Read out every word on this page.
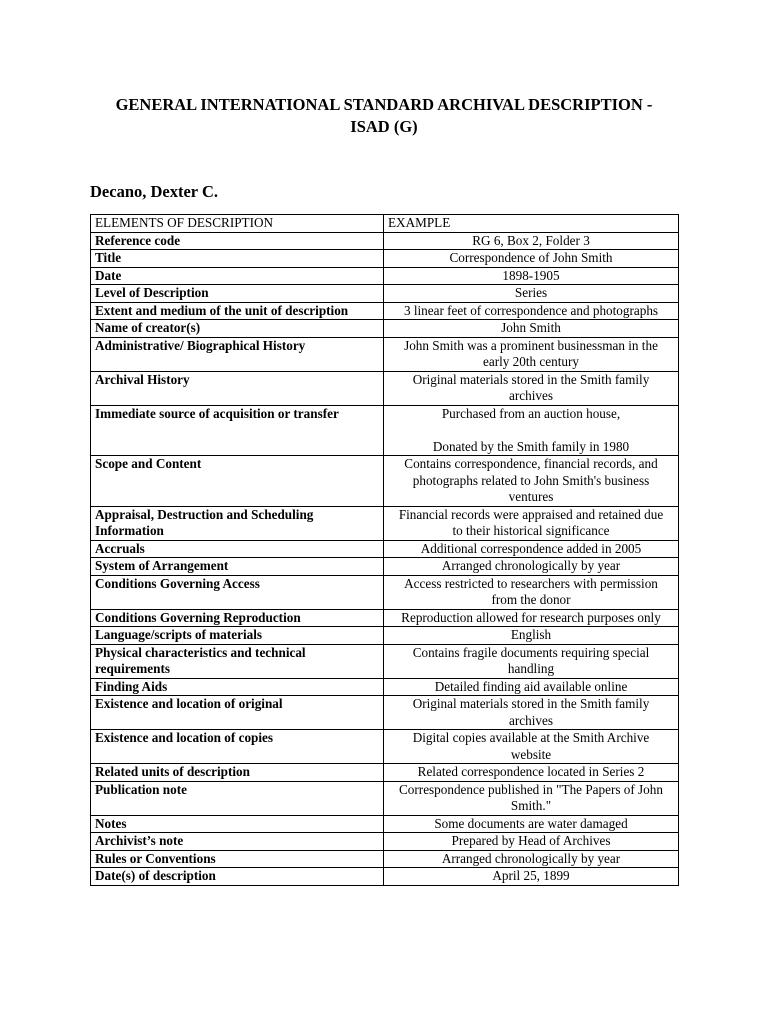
GENERAL INTERNATIONAL STANDARD ARCHIVAL DESCRIPTION -
ISAD (G)

Decano, Dexter C.

ELEMENTS OF DESCRIPTION	EXAMPLE
Reference code	RG 6, Box 2, Folder 3
Title	Correspondence of John Smith
Date	1898-1905
Level of Description	Series
Extent and medium of the unit of description	3 linear feet of correspondence and photographs
Name of creator(s)	John Smith
Administrative/ Biographical History	John Smith was a prominent businessman in the
early 20th century
Archival History	Original materials stored in the Smith family
archives
Immediate source of acquisition or transfer	Purchased from an auction house,

Donated by the Smith family in 1980
Scope and Content	Contains correspondence, financial records, and
photographs related to John Smith's business
ventures
Appraisal, Destruction and Scheduling
Information	Financial records were appraised and retained due
to their historical significance
Accruals	Additional correspondence added in 2005
System of Arrangement	Arranged chronologically by year
Conditions Governing Access	Access restricted to researchers with permission
from the donor
Conditions Governing Reproduction	Reproduction allowed for research purposes only
Language/scripts of materials	English
Physical characteristics and technical
requirements	Contains fragile documents requiring special
handling
Finding Aids	Detailed finding aid available online
Existence and location of original	Original materials stored in the Smith family
archives
Existence and location of copies	Digital copies available at the Smith Archive
website
Related units of description	Related correspondence located in Series 2
Publication note	Correspondence published in "The Papers of John
Smith."
Notes	Some documents are water damaged
Archivist’s note	Prepared by Head of Archives
Rules or Conventions	Arranged chronologically by year
Date(s) of description	April 25, 1899
